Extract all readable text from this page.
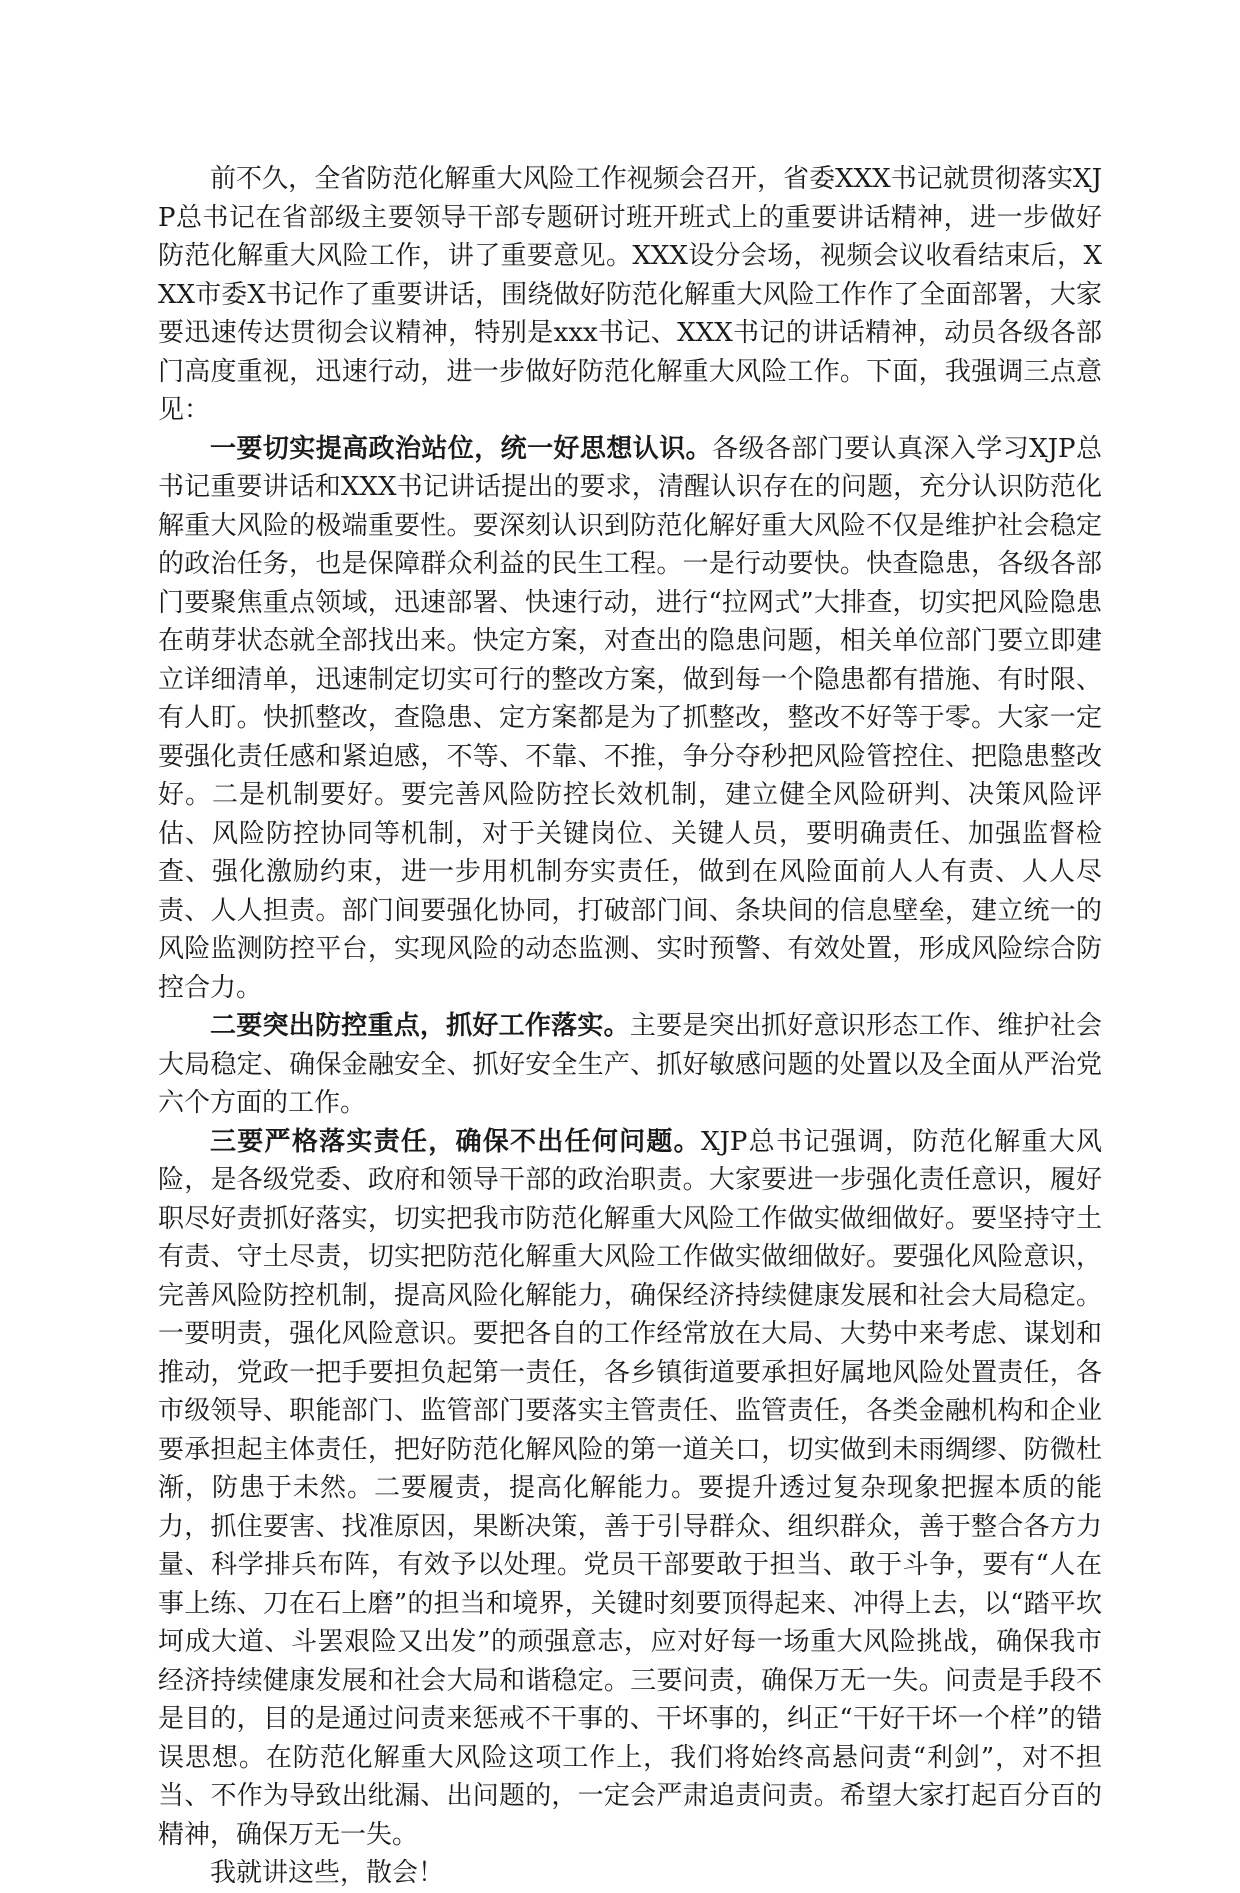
前不久，全省防范化解重大风险工作视频会召开，省委XXX书记就贯彻落实XJP总书记在省部级主要领导干部专题研讨班开班式上的重要讲话精神，进一步做好防范化解重大风险工作，讲了重要意见。XXX设分会场，视频会议收看结束后，XXX市委X书记作了重要讲话，围绕做好防范化解重大风险工作作了全面部署，大家要迅速传达贯彻会议精神，特别是xxx书记、XXX书记的讲话精神，动员各级各部门高度重视，迅速行动，进一步做好防范化解重大风险工作。下面，我强调三点意见：

一要切实提高政治站位，统一好思想认识。各级各部门要认真深入学习XJP总书记重要讲话和XXX书记讲话提出的要求，清醒认识存在的问题，充分认识防范化解重大风险的极端重要性。要深刻认识到防范化解好重大风险不仅是维护社会稳定的政治任务，也是保障群众利益的民生工程。一是行动要快。快查隐患，各级各部门要聚焦重点领域，迅速部署、快速行动，进行“拉网式”大排查，切实把风险隐患在萌芽状态就全部找出来。快定方案，对查出的隐患问题，相关单位部门要立即建立详细清单，迅速制定切实可行的整改方案，做到每一个隐患都有措施、有时限、有人盯。快抓整改，查隐患、定方案都是为了抓整改，整改不好等于零。大家一定要强化责任感和紧迫感，不等、不靠、不推，争分夺秒把风险管控住、把隐患整改好。二是机制要好。要完善风险防控长效机制，建立健全风险研判、决策风险评估、风险防控协同等机制，对于关键岗位、关键人员，要明确责任、加强监督检查、强化激励约束，进一步用机制夯实责任，做到在风险面前人人有责、人人尽责、人人担责。部门间要强化协同，打破部门间、条块间的信息壁垒，建立统一的风险监测防控平台，实现风险的动态监测、实时预警、有效处置，形成风险综合防控合力。

二要突出防控重点，抓好工作落实。主要是突出抓好意识形态工作、维护社会大局稳定、确保金融安全、抓好安全生产、抓好敏感问题的处置以及全面从严治党六个方面的工作。

三要严格落实责任，确保不出任何问题。XJP总书记强调，防范化解重大风险，是各级党委、政府和领导干部的政治职责。大家要进一步强化责任意识，履好职尽好责抓好落实，切实把我市防范化解重大风险工作做实做细做好。要坚持守土有责、守土尽责，切实把防范化解重大风险工作做实做细做好。要强化风险意识，完善风险防控机制，提高风险化解能力，确保经济持续健康发展和社会大局稳定。一要明责，强化风险意识。要把各自的工作经常放在大局、大势中来考虑、谋划和推动，党政一把手要担负起第一责任，各乡镇街道要承担好属地风险处置责任，各市级领导、职能部门、监管部门要落实主管责任、监管责任，各类金融机构和企业要承担起主体责任，把好防范化解风险的第一道关口，切实做到未雨绸缪、防微杜渐，防患于未然。二要履责，提高化解能力。要提升透过复杂现象把握本质的能力，抓住要害、找准原因，果断决策，善于引导群众、组织群众，善于整合各方力量、科学排兵布阵，有效予以处理。党员干部要敢于担当、敢于斗争，要有“人在事上练、刀在石上磨”的担当和境界，关键时刻要顶得起来、冲得上去，以“踏平坎坷成大道、斗罢艰险又出发”的顽强意志，应对好每一场重大风险挑战，确保我市经济持续健康发展和社会大局和谐稳定。三要问责，确保万无一失。问责是手段不是目的，目的是通过问责来惩戒不干事的、干坏事的，纠正“干好干坏一个样”的错误思想。在防范化解重大风险这项工作上，我们将始终高悬问责“利剑”，对不担当、不作为导致出纰漏、出问题的，一定会严肃追责问责。希望大家打起百分百的精神，确保万无一失。

我就讲这些，散会！
